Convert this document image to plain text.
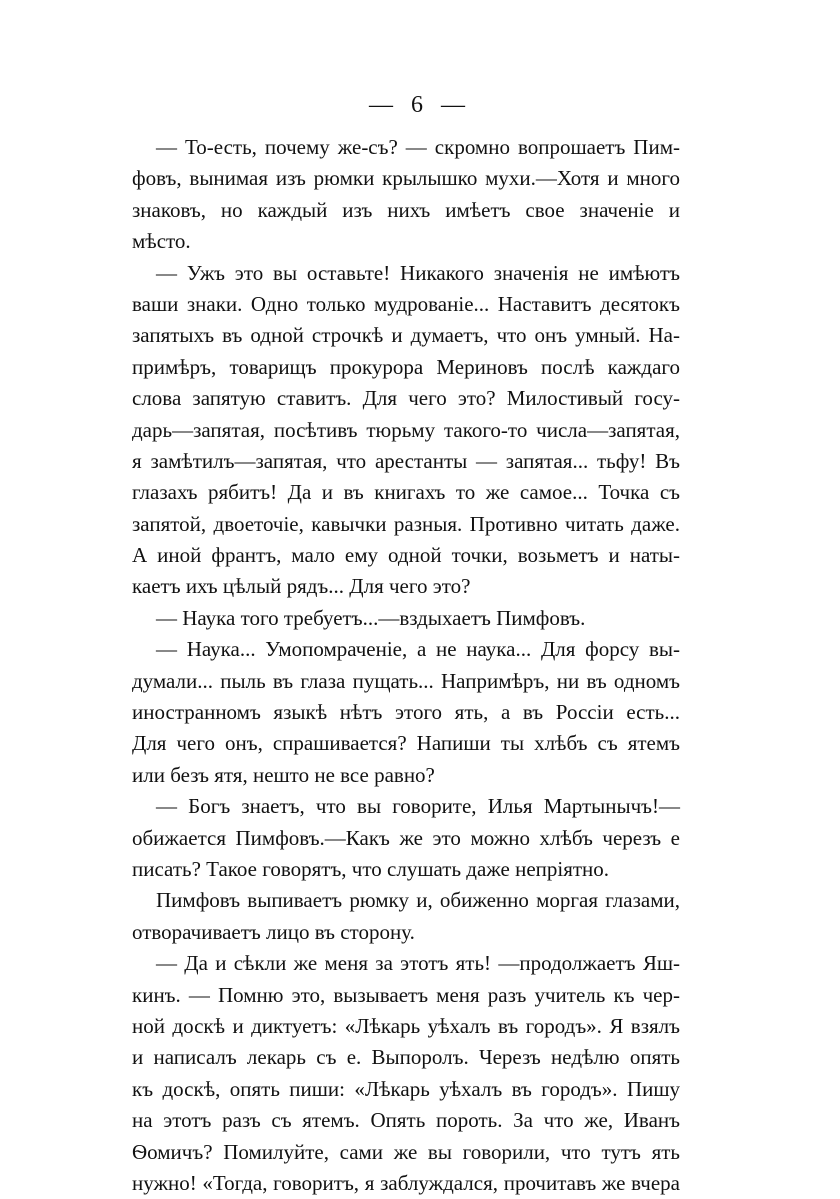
— 6 —
— То-есть, почему же-съ? — скромно вопрошаетъ Пим-
фовъ, вынимая изъ рюмки крылышко мухи.—Хотя и много
знаковъ, но каждый изъ нихъ имѣетъ свое значеніе и
мѣсто.
— Ужъ это вы оставьте! Никакого значенія не имѣютъ
ваши знаки. Одно только мудрованіе... Наставитъ десятокъ
запятыхъ въ одной строчкѣ и думаетъ, что онъ умный. На-
примѣръ, товарищъ прокурора Мериновъ послѣ каждаго
слова запятую ставитъ. Для чего это? Милостивый госу-
дарь—запятая, посѣтивъ тюрьму такого-то числа—запятая,
я замѣтилъ—запятая, что арестанты — запятая... тьфу! Въ
глазахъ рябитъ! Да и въ книгахъ то же самое... Точка съ
запятой, двоеточіе, кавычки разныя. Противно читать даже.
А иной франтъ, мало ему одной точки, возьметъ и наты-
каетъ ихъ цѣлый рядъ... Для чего это?
— Наука того требуетъ...—вздыхаетъ Пимфовъ.
— Наука... Умопомраченіе, а не наука... Для форсу вы-
думали... пыль въ глаза пущать... Напримѣръ, ни въ одномъ
иностранномъ языкѣ нѣтъ этого ять, а въ Россіи есть...
Для чего онъ, спрашивается? Напиши ты хлѣбъ съ ятемъ
или безъ ятя, нешто не все равно?
— Богъ знаетъ, что вы говорите, Илья Мартынычъ!—
обижается Пимфовъ.—Какъ же это можно хлѣбъ черезъ е
писать? Такое говорятъ, что слушать даже непріятно.
Пимфовъ выпиваетъ рюмку и, обиженно моргая глазами,
отворачиваетъ лицо въ сторону.
— Да и сѣкли же меня за этотъ ять! —продолжаетъ Яш-
кинъ. — Помню это, вызываетъ меня разъ учитель къ чер-
ной доскѣ и диктуетъ: «Лѣкарь уѣхалъ въ городъ». Я взялъ
и написалъ лекарь съ е. Выпоролъ. Черезъ недѣлю опять
къ доскѣ, опять пиши: «Лѣкарь уѣхалъ въ городъ». Пишу
на этотъ разъ съ ятемъ. Опять пороть. За что же, Иванъ
Ѳомичъ? Помилуйте, сами же вы говорили, что тутъ ять
нужно! «Тогда, говоритъ, я заблуждался, прочитавъ же вчера
